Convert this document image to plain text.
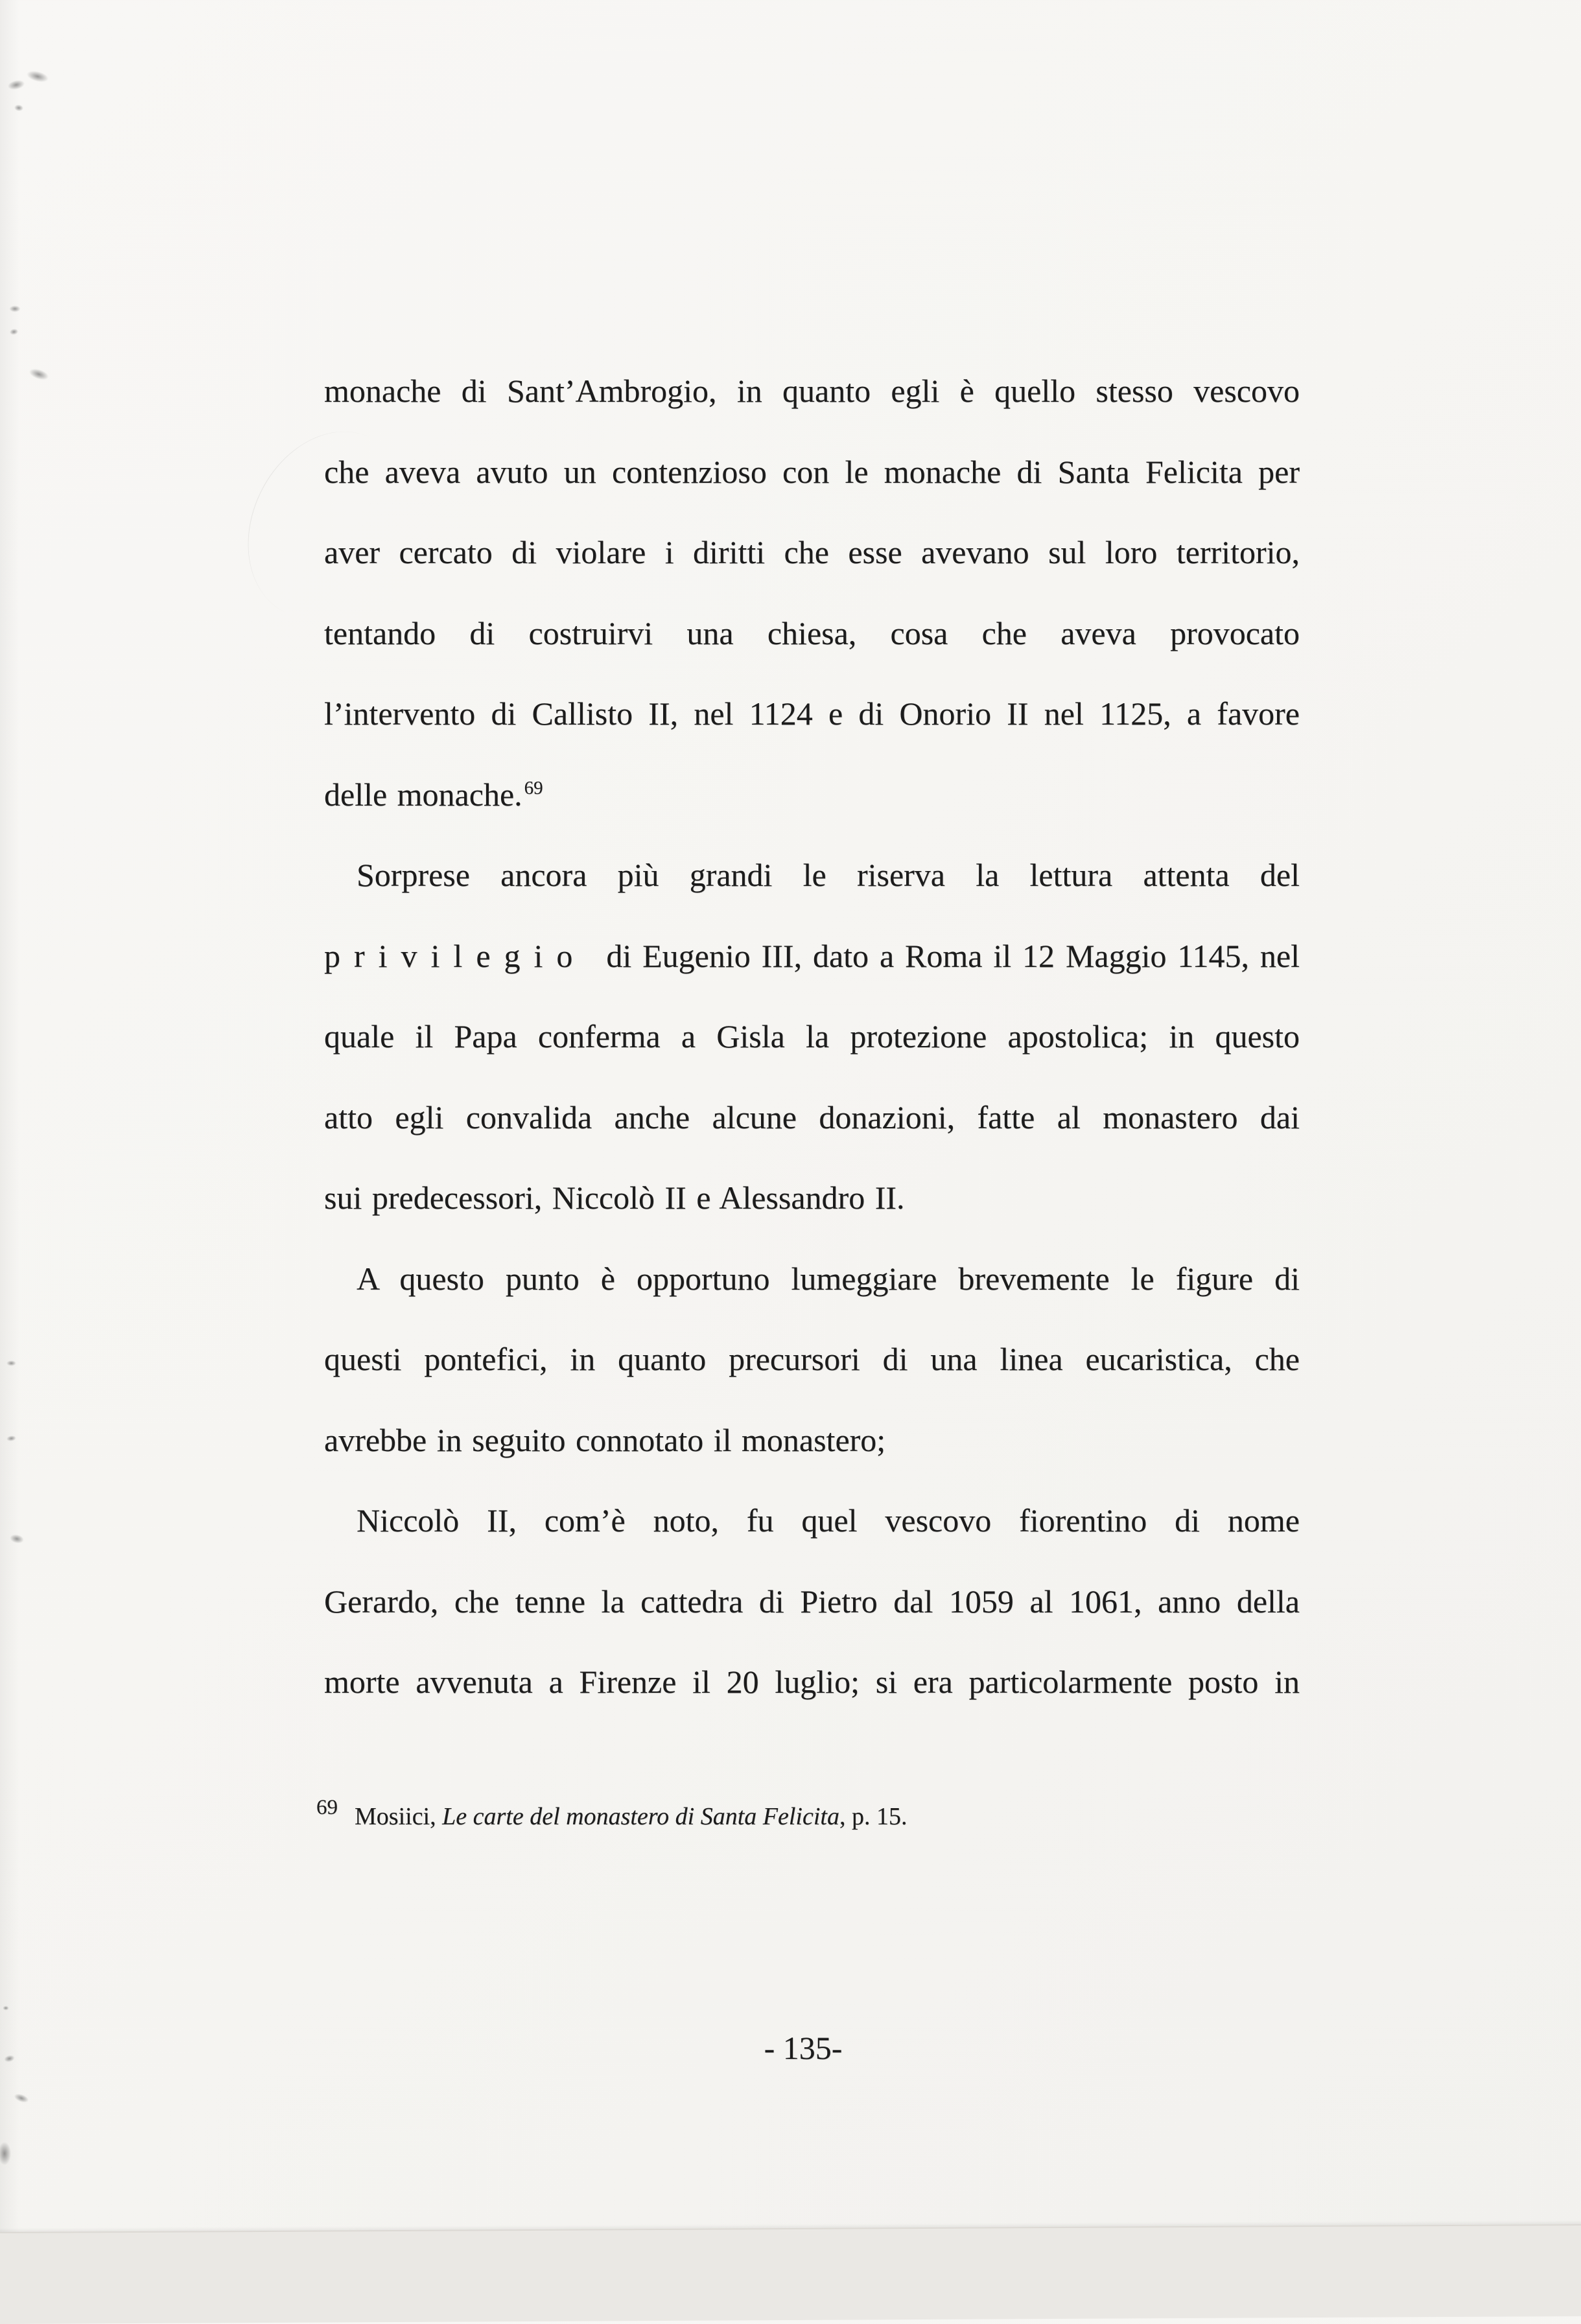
monache di Sant’Ambrogio, in quanto egli è quello stesso vescovo
che aveva avuto un contenzioso con le monache di Santa Felicita per
aver cercato di violare i diritti che esse avevano sul loro territorio,
tentando di costruirvi una chiesa, cosa che aveva provocato
l’intervento di Callisto II, nel 1124 e di Onorio II nel 1125, a favore
delle monache. $^{69}$
Sorprese ancora più grandi le riserva la lettura attenta del
privilegio di Eugenio III, dato a Roma il 12 Maggio 1145, nel
quale il Papa conferma a Gisla la protezione apostolica; in questo
atto egli convalida anche alcune donazioni, fatte al monastero dai
sui predecessori, Niccolò II e Alessandro II.
A questo punto è opportuno lumeggiare brevemente le figure di
questi pontefici, in quanto precursori di una linea eucaristica, che
avrebbe in seguito connotato il monastero;
Niccolò II, com’è noto, fu quel vescovo fiorentino di nome
Gerardo, che tenne la cattedra di Pietro dal 1059 al 1061, anno della
morte avvenuta a Firenze il 20 luglio; si era particolarmente posto in
69 Mosiici, Le carte del monastero di Santa Felicita, p. 15.
- 135-
